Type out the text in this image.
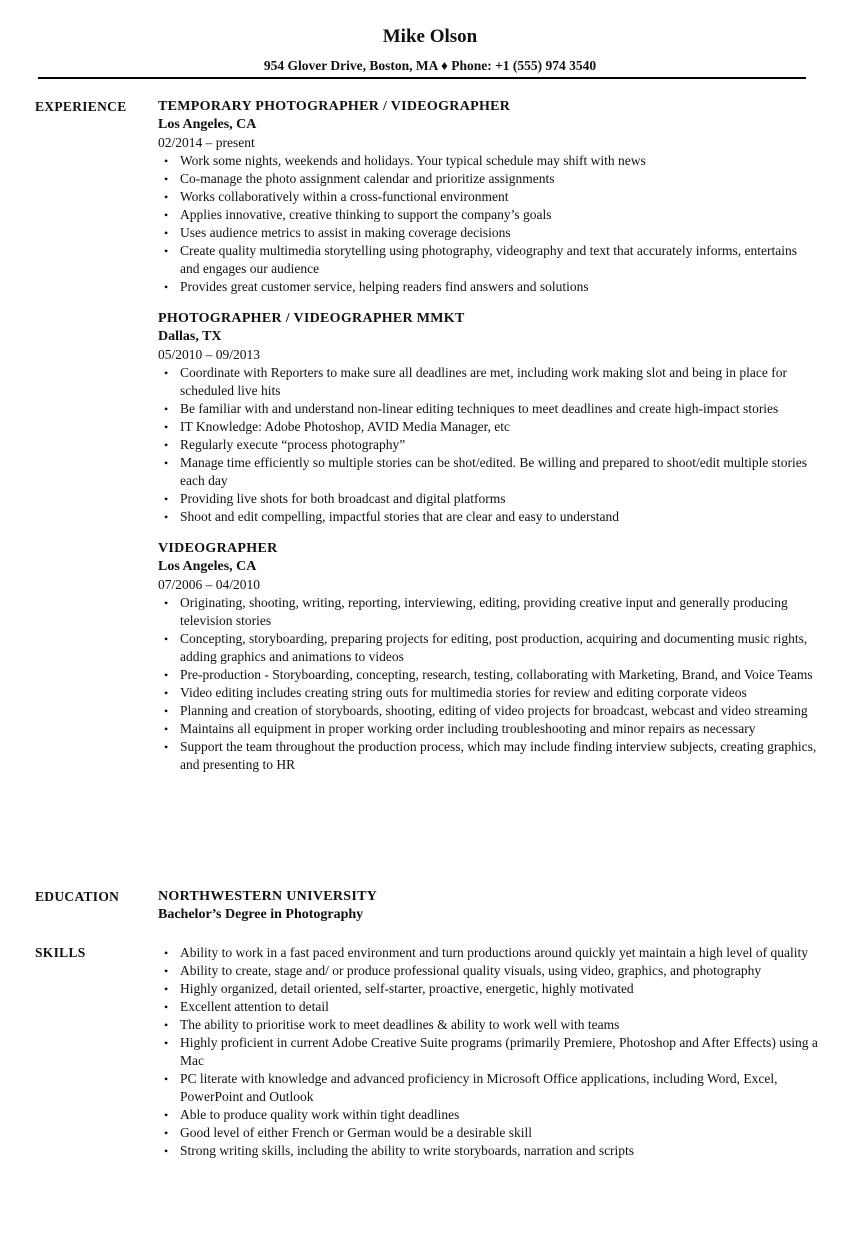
Mike Olson
954 Glover Drive, Boston, MA ♦ Phone: +1 (555) 974 3540
EXPERIENCE TEMPORARY PHOTOGRAPHER / VIDEOGRAPHER
Los Angeles, CA
02/2014 – present
• Work some nights, weekends and holidays. Your typical schedule may shift with news
• Co-manage the photo assignment calendar and prioritize assignments
• Works collaboratively within a cross-functional environment
• Applies innovative, creative thinking to support the company’s goals
• Uses audience metrics to assist in making coverage decisions
• Create quality multimedia storytelling using photography, videography and text that accurately informs, entertains and engages our audience
• Provides great customer service, helping readers find answers and solutions
PHOTOGRAPHER / VIDEOGRAPHER MMKT
Dallas, TX
05/2010 – 09/2013
• Coordinate with Reporters to make sure all deadlines are met, including work making slot and being in place for scheduled live hits
• Be familiar with and understand non-linear editing techniques to meet deadlines and create high-impact stories
• IT Knowledge: Adobe Photoshop, AVID Media Manager, etc
• Regularly execute “process photography”
• Manage time efficiently so multiple stories can be shot/edited. Be willing and prepared to shoot/edit multiple stories each day
• Providing live shots for both broadcast and digital platforms
• Shoot and edit compelling, impactful stories that are clear and easy to understand
VIDEOGRAPHER
Los Angeles, CA
07/2006 – 04/2010
• Originating, shooting, writing, reporting, interviewing, editing, providing creative input and generally producing television stories
• Concepting, storyboarding, preparing projects for editing, post production, acquiring and documenting music rights, adding graphics and animations to videos
• Pre-production - Storyboarding, concepting, research, testing, collaborating with Marketing, Brand, and Voice Teams
• Video editing includes creating string outs for multimedia stories for review and editing corporate videos
• Planning and creation of storyboards, shooting, editing of video projects for broadcast, webcast and video streaming
• Maintains all equipment in proper working order including troubleshooting and minor repairs as necessary
• Support the team throughout the production process, which may include finding interview subjects, creating graphics, and presenting to HR
EDUCATION	NORTHWESTERN UNIVERSITY
Bachelor’s Degree in Photography
SKILLS	• Ability to work in a fast paced environment and turn productions around quickly yet maintain a high level of quality
• Ability to create, stage and/ or produce professional quality visuals, using video, graphics, and photography
• Highly organized, detail oriented, self-starter, proactive, energetic, highly motivated
• Excellent attention to detail
• The ability to prioritise work to meet deadlines & ability to work well with teams
• Highly proficient in current Adobe Creative Suite programs (primarily Premiere, Photoshop and After Effects) using a Mac
• PC literate with knowledge and advanced proficiency in Microsoft Office applications, including Word, Excel, PowerPoint and Outlook
• Able to produce quality work within tight deadlines
• Good level of either French or German would be a desirable skill
• Strong writing skills, including the ability to write storyboards, narration and scripts
